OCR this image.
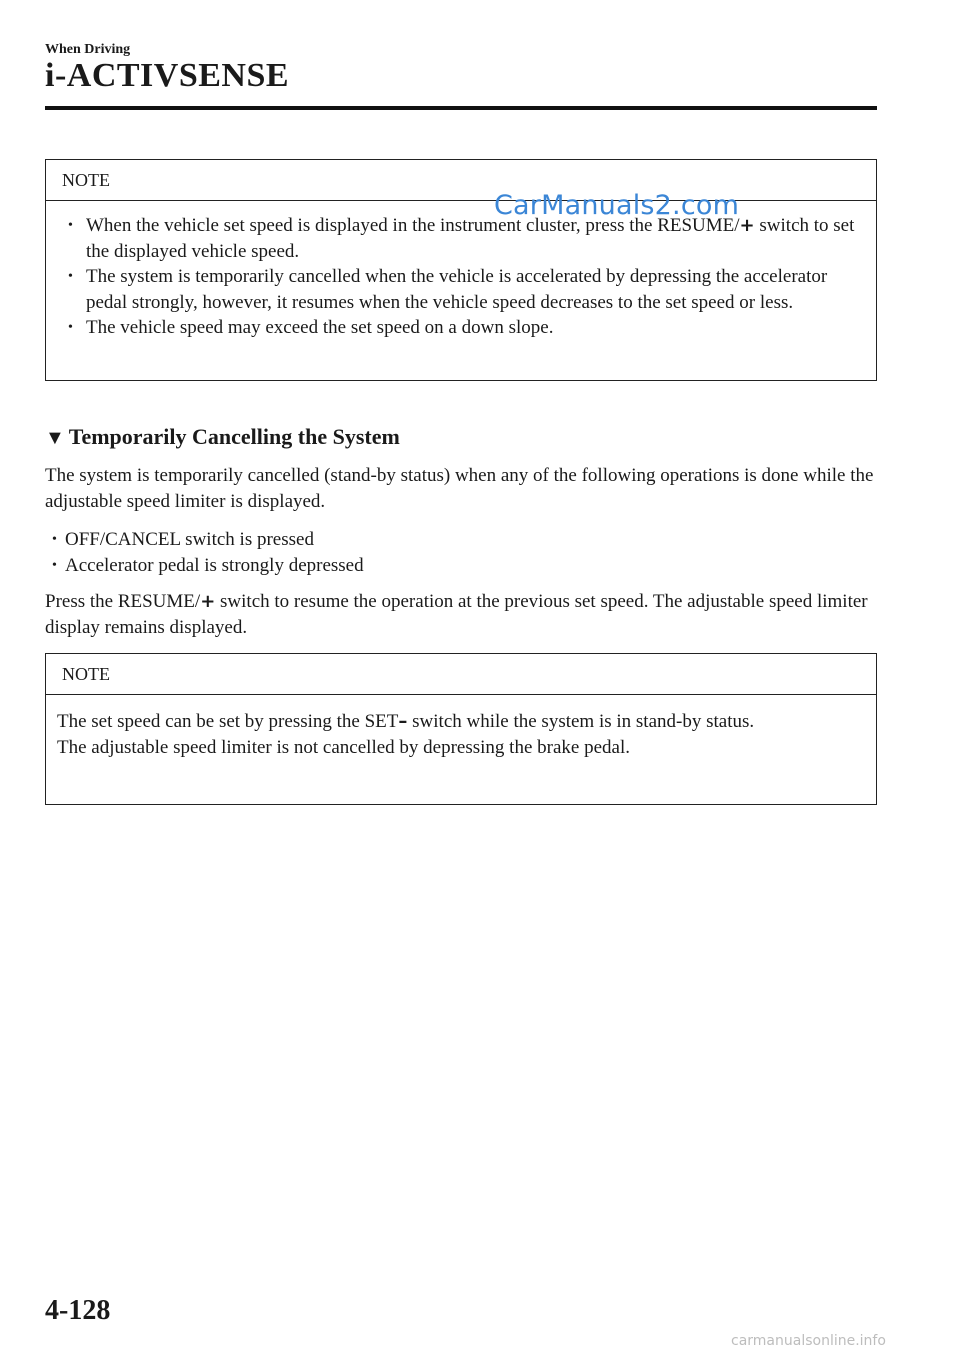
When Driving
i-ACTIVSENSE
NOTE
• When the vehicle set speed is displayed in the instrument cluster, press the RESUME/+ switch to set the displayed vehicle speed.
• The system is temporarily cancelled when the vehicle is accelerated by depressing the accelerator pedal strongly, however, it resumes when the vehicle speed decreases to the set speed or less.
• The vehicle speed may exceed the set speed on a down slope.
CarManuals2.com
▼ Temporarily Cancelling the System
The system is temporarily cancelled (stand-by status) when any of the following operations is done while the adjustable speed limiter is displayed.
• OFF/CANCEL switch is pressed
• Accelerator pedal is strongly depressed
Press the RESUME/+ switch to resume the operation at the previous set speed. The adjustable speed limiter display remains displayed.
NOTE
The set speed can be set by pressing the SET– switch while the system is in stand-by status.
The adjustable speed limiter is not cancelled by depressing the brake pedal.
4-128
carmanualsonline.info
